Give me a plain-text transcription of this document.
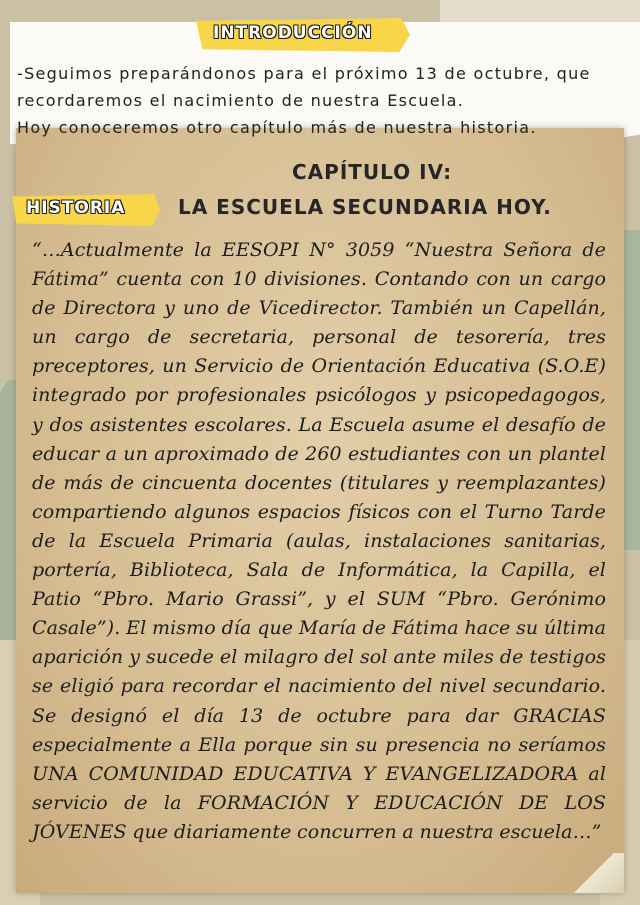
INTRODUCCIÓN

-Seguimos preparándonos para el próximo 13 de octubre, que

recordaremos el nacimiento de nuestra Escuela.

Hoy conoceremos otro capítulo más de nuestra historia.

CAPÍTULO IV:
HISTORIA	LA ESCUELA SECUNDARIA HOY.
“…Actualmente la EESOPI N° 3059 “Nuestra Señora de Fátima” cuenta con 10 divisiones. Contando con un cargo de Directora y uno de Vicedirector. También un Capellán, un cargo de secretaria, personal de tesorería, tres preceptores, un Servicio de Orientación Educativa (S.O.E) integrado por profesionales psicólogos y psicopedagogos, y dos asistentes escolares. La Escuela asume el desafío de educar a un aproximado de 260 estudiantes con un plantel de más de cincuenta docentes (titulares y reemplazantes) compartiendo algunos espacios físicos con el Turno Tarde de la Escuela Primaria (aulas, instalaciones sanitarias, portería, Biblioteca, Sala de Informática, la Capilla, el Patio “Pbro. Mario Grassi”, y el SUM “Pbro. Gerónimo Casale”). El mismo día que María de Fátima hace su última aparición y sucede el milagro del sol ante miles de testigos se eligió para recordar el nacimiento del nivel secundario. Se designó el día 13 de octubre para dar GRACIAS especialmente a Ella porque sin su presencia no seríamos UNA COMUNIDAD EDUCATIVA Y EVANGELIZADORA al servicio de la FORMACIÓN Y EDUCACIÓN DE LOS JÓVENES que diariamente concurren a nuestra escuela…”
